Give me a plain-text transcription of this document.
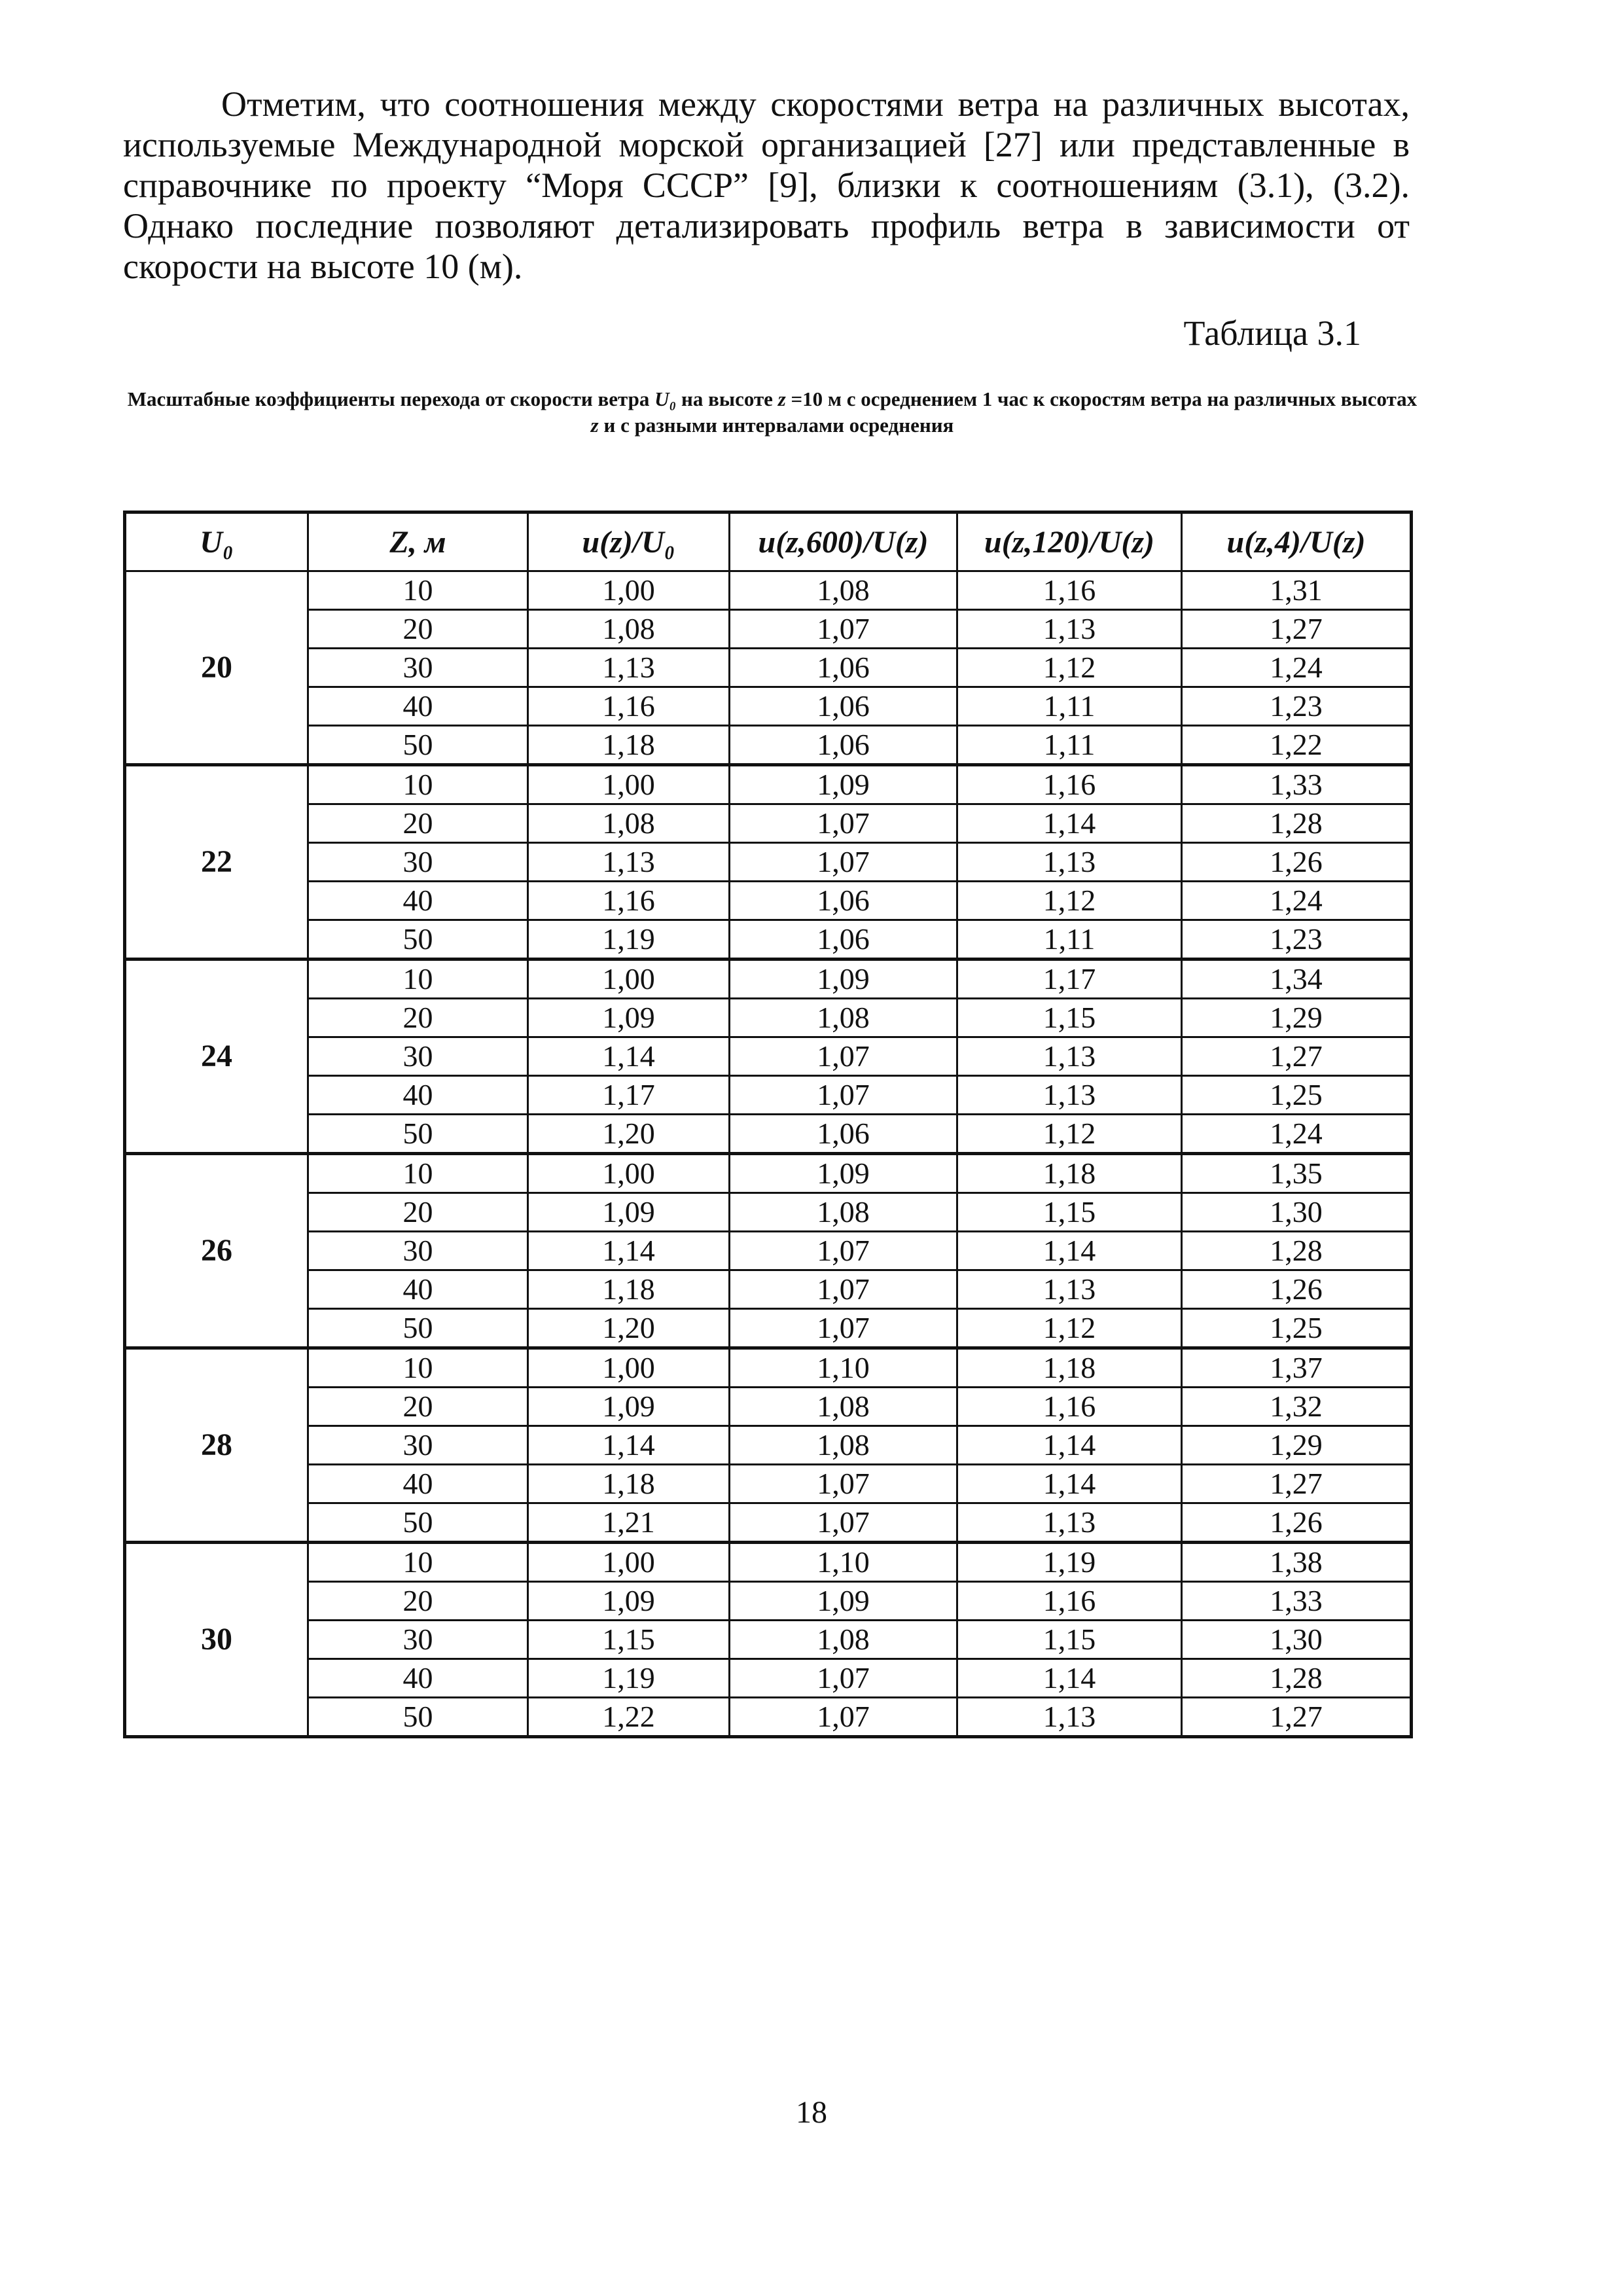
Отметим, что соотношения между скоростями ветра на различных высотах, используемые Международной морской организацией [27] или представленные в справочнике по проекту “Моря СССР” [9], близки к соотношениям (3.1), (3.2). Однако последние позволяют детализировать профиль ветра в зависимости от скорости на высоте 10 (м).

Таблица 3.1
Масштабные коэффициенты перехода от скорости ветра U₀ на высоте z =10 м с осреднением 1 час к скоростям ветра на различных высотах z и с разными интервалами осреднения
U₀	Z, м	u(z)/U₀	u(z,600)/U(z)	u(z,120)/U(z)	u(z,4)/U(z)
20	10	1,00	1,08	1,16	1,31
	20	1,08	1,07	1,13	1,27
	30	1,13	1,06	1,12	1,24
	40	1,16	1,06	1,11	1,23
	50	1,18	1,06	1,11	1,22
22	10	1,00	1,09	1,16	1,33
	20	1,08	1,07	1,14	1,28
	30	1,13	1,07	1,13	1,26
	40	1,16	1,06	1,12	1,24
	50	1,19	1,06	1,11	1,23
24	10	1,00	1,09	1,17	1,34
	20	1,09	1,08	1,15	1,29
	30	1,14	1,07	1,13	1,27
	40	1,17	1,07	1,13	1,25
	50	1,20	1,06	1,12	1,24
26	10	1,00	1,09	1,18	1,35
	20	1,09	1,08	1,15	1,30
	30	1,14	1,07	1,14	1,28
	40	1,18	1,07	1,13	1,26
	50	1,20	1,07	1,12	1,25
28	10	1,00	1,10	1,18	1,37
	20	1,09	1,08	1,16	1,32
	30	1,14	1,08	1,14	1,29
	40	1,18	1,07	1,14	1,27
	50	1,21	1,07	1,13	1,26
30	10	1,00	1,10	1,19	1,38
	20	1,09	1,09	1,16	1,33
	30	1,15	1,08	1,15	1,30
	40	1,19	1,07	1,14	1,28
	50	1,22	1,07	1,13	1,27
18
